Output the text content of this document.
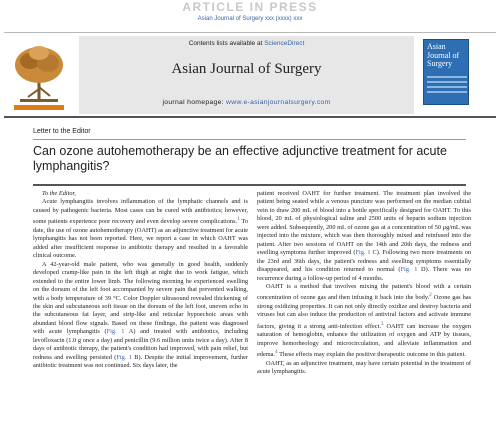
ARTICLE IN PRESS
Asian Journal of Surgery xxx (xxxx) xxx
Contents lists available at ScienceDirect
Asian Journal of Surgery
journal homepage: www.e-asianjournalsurgery.com
Asian Journal of Surgery
Letter to the Editor
Can ozone autohemotherapy be an effective adjunctive treatment for acute lymphangitis?

To the Editor,

Acute lymphangitis involves inflammation of the lymphatic channels and is caused by pathogenic bacteria. Most cases can be cured with antibiotics; however, some patients experience poor recovery and even develop severe complications.$^1$ To date, the use of ozone autohemotherapy (OAHT) as an adjunctive treatment for acute lymphangitis has not been reported. Here, we report a case in which OAHT was added after insufficient response to antibiotic therapy and resulted in a favorable clinical outcome.

A 42-year-old male patient, who was generally in good health, suddenly developed cramp-like pain in the left thigh at night due to work fatigue, which extended to the entire lower limb. The following morning he experienced swelling on the dorsum of the left foot accompanied by severe pain that prevented walking, with a body temperature of 39 °C. Color Doppler ultrasound revealed thickening of the skin and subcutaneous soft tissue on the dorsum of the left foot, uneven echo in the subcutaneous fat layer, and strip-like and reticular hypoechoic areas with abundant blood flow signals. Based on these findings, the patient was diagnosed with acute lymphangitis (Fig. 1 A) and treated with antibiotics, including levofloxacin (1.0 g once a day) and penicillin (9.6 million units twice a day). After 8 days of antibiotic therapy, the patient's condition had improved, with pain relief, but redness and swelling persisted (Fig. 1 B). Despite the initial improvement, further antibiotic treatment was not continued. Six days later, the

patient received OAHT for further treatment. The treatment plan involved the patient being seated while a venous puncture was performed on the median cubital vein to draw 200 mL of blood into a bottle specifically designed for OAHT. To this blood, 20 mL of physiological saline and 2500 units of heparin sodium injection were added. Subsequently, 200 mL of ozone gas at a concentration of 50 μg/mL was injected into the mixture, which was then thoroughly mixed and reinfused into the patient. After two sessions of OAHT on the 14th and 20th days, the redness and swelling symptoms further improved (Fig. 1 C). Following two more treatments on the 23rd and 36th days, the patient's redness and swelling symptoms essentially disappeared, and his condition returned to normal (Fig. 1 D). There was no recurrence during a follow-up period of 4 months.

OAHT is a method that involves mixing the patient's blood with a certain concentration of ozone gas and then infusing it back into the body.$^2$ Ozone gas has strong oxidizing properties. It can not only directly oxidize and destroy bacteria and viruses but can also induce the production of antiviral factors and activate immune factors, giving it a strong anti-infection effect.$^3$ OAHT can increase the oxygen saturation of hemoglobin, enhance the utilization of oxygen and ATP by tissues, improve hemorheology and microcirculation, and alleviate inflammation and edema.$^4$ These effects may explain the positive therapeutic outcome in this patient.

OAHT, as an adjunctive treatment, may have certain potential in the treatment of acute lymphangitis.
